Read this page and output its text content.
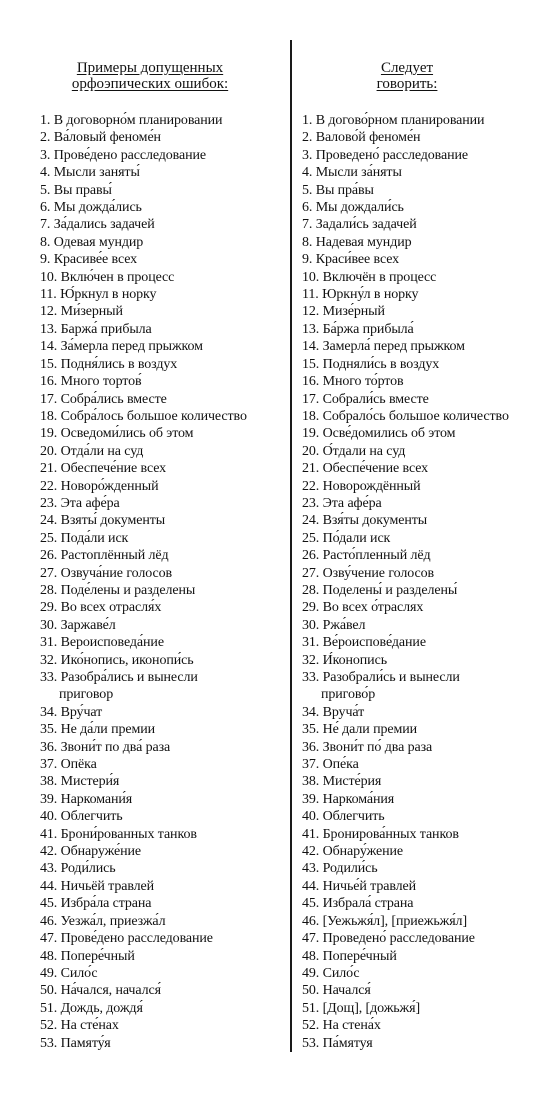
Примеры допущенных
орфоэпических ошибок:
1. В договорно́м планировании
2. Ва́ловый феноме́н
3. Прове́дено расследование
4. Мысли заняты́
5. Вы правы́
6. Мы дожда́лись
7. За́дались задачей
8. Одевая мундир
9. Красиве́е всех
10. Вклю́чен в процесс
11. Ю́ркнул в норку
12. Ми́зерный
13. Баржа́ прибыла
14. За́мерла перед прыжком
15. Подня́лись в воздух
16. Много тортов́
17. Собра́лись вместе
18. Собра́лось большое количество
19. Осведоми́лись об этом
20. Отда́ли на суд
21. Обеспече́ние всех
22. Новоро́жденный
23. Эта афе́ра
24. Взяты́ документы
25. Пода́ли иск
26. Растоплённый лёд
27. Озвуча́ние голосов
28. Поде́лены и разделены
29. Во всех отрасля́х
30. Заржаве́л
31. Вероисповеда́ние
32. Ико́нопись, иконопи́сь
33. Разобра́лись и вынесли
приговор
34. Вру́чат
35. Не да́ли премии
36. Звони́т по два́ раза
37. Опёка
38. Мистери́я
39. Наркомани́я
40. Облегчить
41. Брони́рованных танков
42. Обнаруже́ние
43. Роди́лись
44. Ничьёй травлей
45. Избра́ла страна
46. Уезжа́л, приезжа́л
47. Прове́дено расследование
48. Попере́чный
49. Сило́с
50. На́чался, начался́
51. Дождь, дождя́
52. На сте́нах
53. Памяту́я
Следует
говорить:
1. В догово́рном планировании
2. Валово́й феноме́н
3. Проведено́ расследование
4. Мысли за́няты
5. Вы пра́вы
6. Мы дождали́сь
7. Задали́сь задачей
8. Надевая мундир
9. Краси́вее всех
10. Включён в процесс
11. Юркну́л в норку
12. Мизе́рный
13. Ба́ржа прибыла́
14. Замерла́ перед прыжком
15. Подняли́сь в воздух
16. Много то́ртов
17. Собрали́сь вместе
18. Собрало́сь большое количество
19. Осве́домились об этом
20. О́тдали на суд
21. Обеспе́чение всех
22. Новорождённый
23. Эта афе́ра
24. Взя́ты документы
25. По́дали иск
26. Расто́пленный лёд
27. Озву́чение голосов
28. Поделены́ и разделены́
29. Во всех о́траслях
30. Ржа́вел
31. Ве́роиспове́дание
32. И́конопись
33. Разобрали́сь и вынесли
пригово́р
34. Вруча́т
35. Не́ дали премии
36. Звони́т по́ два раза
37. Опе́ка
38. Мисте́рия
39. Наркома́ния
40. Облегчить
41. Бронирова́нных танков
42. Обнару́жение
43. Родили́сь
44. Ничье́й травлей
45. Избрала́ страна
46. [Уежьжя́л], [приежьжя́л]
47. Проведено́ расследование
48. Попере́чный
49. Сило́с
50. Начался́
51. [Дощ], [дожьжя́]
52. На стена́х
53. Па́мятуя
